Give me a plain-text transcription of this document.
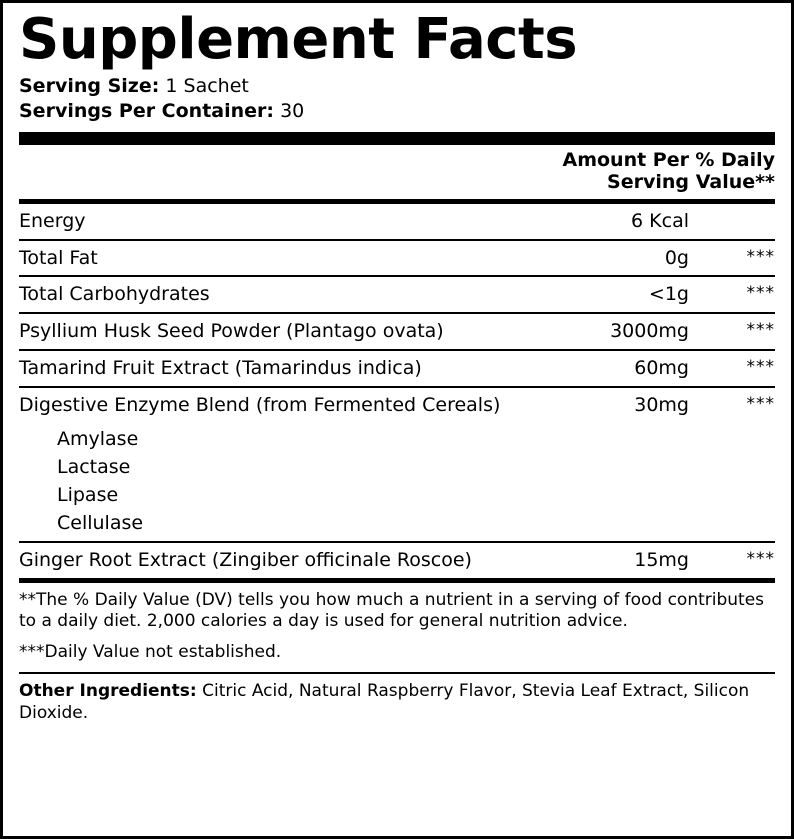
Supplement Facts
Serving Size: 1 Sachet
Servings Per Container: 30

Amount Per
Serving

% Daily
Value**
Energy	6 Kcal	

Total Fat	0g	***

Total Carbohydrates	<1g	***

Psyllium Husk Seed Powder (Plantago ovata)	3000mg	***

Tamarind Fruit Extract (Tamarindus indica)	60mg	***

Digestive Enzyme Blend (from Fermented Cereals)	30mg	***
Amylase
Lactase
Lipase
Cellulase
Ginger Root Extract (Zingiber officinale Roscoe)	15mg	***
**The % Daily Value (DV) tells you how much a nutrient in a serving of food contributes to a daily diet. 2,000 calories a day is used for general nutrition advice.
***Daily Value not established.
Other Ingredients: Citric Acid, Natural Raspberry Flavor, Stevia Leaf Extract, Silicon Dioxide.
